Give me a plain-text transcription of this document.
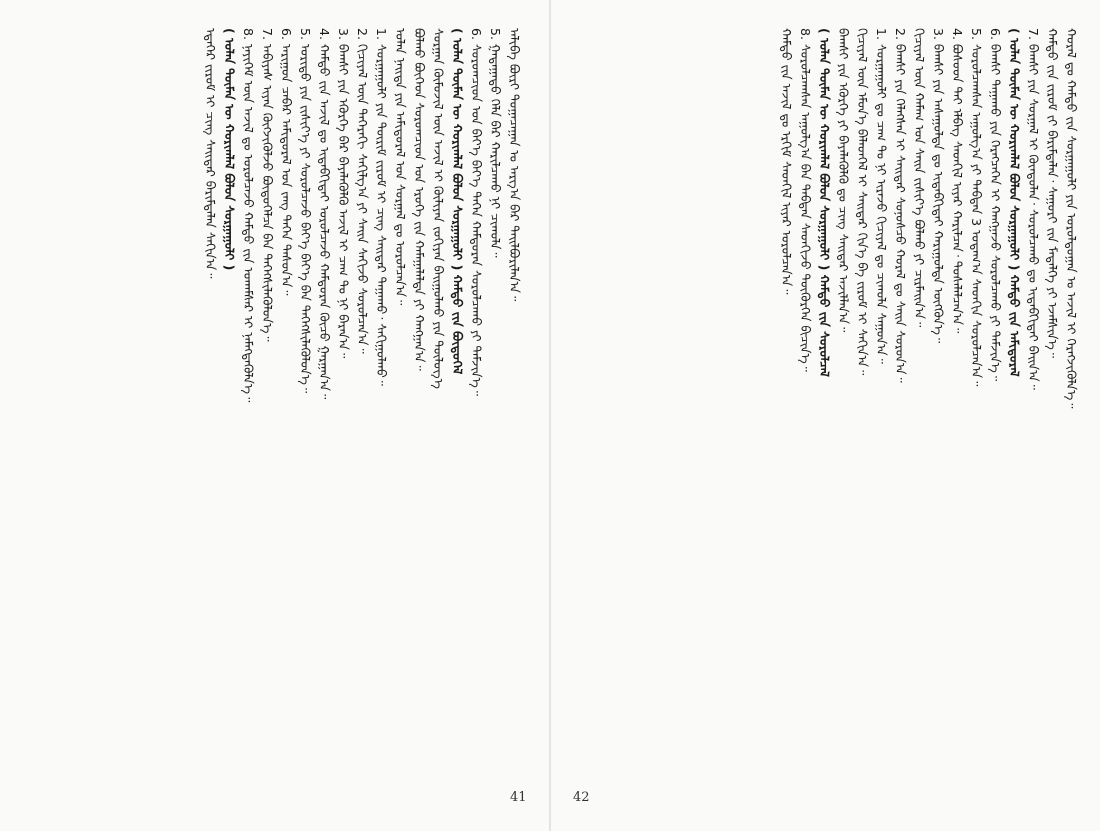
ᠠᠯᠢᠪᠠ ᠪᠦᠷᠢ ᠲᠣᠭᠠᠴᠠᠭᠠᠨ ᠤ ᠠᠷᠭ᠎ᠠ ᠪᠠᠷ ᠲᠠᠢᠯᠪᠤᠷᠢᠯᠠᠨ᠎ᠠ᠃
5. ᠭᠠᠳᠠᠭᠠᠳᠤ ᠬᠡᠯᠡ ᠪᠠᠷ ᠬᠠᠷᠢᠯᠴᠠᠬᠤ ᠨᠢ ᠴᠢᠬᠤᠯᠠ᠃
6. ᠰᠤᠷᠤᠭᠴᠢᠳ ᠤᠨ ᠪᠡᠶ᠎ᠡ ᠪᠡᠶ᠎ᠡ ᠳᠡᠭᠡᠨ ᠬᠠᠮᠲᠤᠷᠠᠨ ᠰᠤᠷᠤᠯᠴᠠᠬᠤ ᠶᠢ ᠳᠡᠮᠵᠢᠨ᠎ᠡ᠃
( ᠤᠯᠠᠨ ᠲᠦᠮᠡᠨ ᠦ ᠬᠣᠷᠢᠭᠯᠠᠯ ᠪᠣᠯᠤᠨ ᠰᠤᠷᠭᠠᠭᠤᠯᠢ ) ᠬᠠᠮᠲᠤ ᠵᠢᠨ ᠪᠦᠲᠦᠭᠡᠯ
ᠰᠤᠷᠭᠠᠨ ᠬᠦᠮᠦᠵᠢᠯ ᠦᠨ ᠠᠵᠢᠯ ᠢ ᠬᠦᠯᠢᠶᠡᠨ ᠵᠣᠬᠢᠶᠠᠨ ᠪᠠᠢᠭᠤᠯᠬᠤ ᠶᠢᠨ ᠲᠥᠯᠥᠭ᠎ᠡ
ᠪᠣᠯᠬᠤ ᠪᠥᠭᠡᠳ ᠰᠤᠷᠤᠭᠴᠢᠳ ᠤᠨ ᠡᠷᠦᠬᠡ ᠵᠢᠨ ᠬᠠᠮᠠᠭᠠᠯᠠᠯᠲᠠ ᠶᠢ ᠬᠠᠩᠭᠠᠨ᠎ᠠ᠃
ᠣᠯᠠᠨ ᠨᠡᠢᠲᠡ ᠶᠢᠨ ᠠᠮᠢᠳᠤᠷᠠᠯ ᠤᠨ ᠰᠤᠷᠭᠠᠯ ᠳᠤ ᠣᠷᠣᠯᠴᠠᠨ᠎ᠠ᠃
1. ᠰᠤᠷᠭᠠᠭᠤᠯᠢ ᠶᠢᠨ ᠳᠦᠷᠢᠮ ᠵᠢᠷᠤᠮ ᠢ ᠴᠢᠩ ᠰᠠᠢᠲᠠᠷ ᠳᠠᠭᠠᠬᠤ᠂ ᠰᠠᠬᠢᠭᠤᠯᠬᠤ᠃
2. ᠬᠢᠴᠢᠶᠡᠯ ᠦᠨ ᠳᠡᠭᠡᠷᠡᠬᠢ ᠰᠠᠬᠢᠯᠭ᠎ᠠ ᠶᠢ ᠰᠠᠢᠨ ᠰᠠᠬᠢᠵᠤ ᠰᠤᠷᠤᠯᠴᠠᠨ᠎ᠠ᠃
3. ᠪᠠᠭᠰᠢ ᠶᠢᠨ ᠡᠭᠦᠷᠭᠡ ᠪᠠᠷ ᠪᠡᠶᠡᠯᠡᠭᠦᠯᠬᠦ ᠠᠵᠢᠯ ᠢ ᠴᠠᠭ ᠲᠤ ᠨᠢ ᠪᠠᠷᠠᠨ᠎ᠠ᠃
4. ᠬᠠᠮᠲᠤ ᠵᠢᠨ ᠠᠵᠢᠯ ᠳᠤ ᠢᠳᠡᠪᠬᠢᠲᠡᠢ ᠣᠷᠣᠯᠴᠠᠵᠤ ᠬᠠᠮᠲᠤᠷᠠᠨ ᠬᠦᠴᠦ ᠭᠠᠷᠭᠠᠨ᠎ᠠ᠃
5. ᠤᠷᠢᠳᠤ ᠶᠢᠨ ᠵᠢᠱᠢᠶ᠎ᠡ ᠶᠢ ᠰᠤᠷᠤᠯᠴᠠᠵᠤ ᠪᠡᠶ᠎ᠡ ᠪᠡᠶ᠎ᠡ ᠪᠡᠨ ᠳᠡᠭᠡᠭᠰᠢᠯᠡᠭᠦᠯᠦᠨ᠎ᠡ᠃
6. ᠠᠷᠢᠭᠤᠨ ᠴᠡᠪᠡᠷ ᠠᠮᠢᠳᠤᠷᠠᠯ ᠤᠨ ᠵᠠᠩ ᠳᠡᠭᠡᠨ ᠳᠠᠰᠤᠨ᠎ᠠ᠃
7. ᠠᠪᠢᠶᠠᠰ ᠢᠶᠠᠨ ᠬᠥᠭᠵᠢᠭᠦᠯᠵᠦ ᠪᠦᠲᠦᠭᠡᠯᠴᠡ ᠪᠡᠨ ᠳᠡᠭᠡᠭᠰᠢᠯᠡᠭᠦᠯᠦᠨ᠎ᠡ᠃
8. ᠨᠡᠶᠢᠭᠡᠮ ᠦᠨ ᠠᠵᠢᠯ ᠳᠤ ᠣᠷᠣᠯᠴᠠᠵᠤ ᠬᠠᠮᠲᠤ ᠵᠢᠨ ᠤᠬᠠᠮᠰᠠᠷ ᠢ ᠨᠡᠮᠡᠭᠳᠡᠭᠦᠯᠨ᠎ᠡ᠃
( ᠤᠯᠠᠨ ᠲᠦᠮᠡᠨ ᠦ ᠬᠣᠷᠢᠭᠯᠠᠯ ᠪᠣᠯᠤᠨ ᠰᠤᠷᠭᠠᠭᠤᠯᠢ )
ᠡᠳᠡᠭᠡᠷ ᠵᠢᠷᠤᠮ ᠢ ᠴᠢᠩ ᠰᠠᠢᠲᠠᠷ ᠪᠠᠷᠢᠮᠲᠠᠯᠠᠨ ᠰᠠᠬᠢᠨ᠎ᠠ᠃
41
ᠬᠤᠷᠠᠯ ᠳᠤ ᠬᠠᠮᠲᠤ ᠵᠢᠨ ᠰᠤᠷᠭᠠᠭᠤᠯᠢ ᠶᠢᠨ ᠤᠷᠤᠯᠳᠤᠭᠠᠨ ᠤ ᠠᠵᠢᠯ ᠢ ᠬᠡᠷᠡᠭᠵᠢᠭᠦᠯᠨ᠎ᠡ᠃
ᠬᠠᠮᠲᠤ ᠵᠢᠨ ᠵᠢᠷᠤᠮ ᠵᠢ ᠪᠠᠷᠢᠮᠲᠠᠯᠠᠨ᠂ ᠰᠠᠭᠤᠷᠢ ᠵᠢᠨ ᠮᠡᠳᠡᠯᠭᠡ ᠶᠢ ᠡᠵᠡᠮᠰᠢᠨ᠎ᠡ᠃
7. ᠪᠠᠭᠰᠢ ᠶᠢᠨ ᠰᠤᠷᠭᠠᠯ ᠢ ᠬᠦᠨᠳᠦᠯᠡᠨ᠂ ᠰᠤᠷᠤᠯᠴᠠᠬᠤ ᠳᠤ ᠢᠳᠡᠪᠬᠢᠲᠡᠢ ᠪᠠᠢᠨ᠎ᠠ᠃
( ᠤᠯᠠᠨ ᠲᠦᠮᠡᠨ ᠦ ᠬᠣᠷᠢᠭᠯᠠᠯ ᠪᠣᠯᠤᠨ ᠰᠤᠷᠭᠠᠭᠤᠯᠢ ) ᠬᠠᠮᠲᠤ ᠵᠢᠨ ᠠᠮᠢᠳᠤᠷᠠᠯ
6. ᠪᠠᠭᠰᠢ ᠳᠠᠭᠠᠬᠤ ᠶᠢᠨ ᠬᠡᠷᠡᠭᠴᠡᠭᠡᠨ ᠢ ᠬᠠᠩᠭᠠᠵᠤ ᠰᠤᠷᠤᠯᠴᠠᠬᠤ ᠶᠢ ᠳᠡᠮᠵᠢᠨ᠎ᠡ᠃
5. ᠰᠤᠷᠤᠯᠴᠠᠭᠰᠠᠨ ᠠᠭᠤᠯᠭ᠎ᠠ ᠶᠢ ᠳᠠᠪᠲᠠᠨ 3 ᠤᠳᠠᠭ᠎ᠠ ᠰᠡᠳᠬᠢᠨ ᠰᠤᠷᠤᠯᠴᠠᠨ᠎ᠠ᠃
4. ᠪᠤᠰᠤᠳ ᠲᠠᠢ ᠡᠯᠪᠡᠭ ᠰᠡᠳᠬᠢᠯ ᠢᠶᠠᠷ ᠬᠠᠷᠢᠯᠴᠠᠨ᠂ ᠲᠤᠰᠠᠯᠠᠯᠴᠠᠨ᠎ᠠ᠃
3. ᠪᠠᠭᠰᠢ ᠶᠢᠨ ᠠᠰᠠᠭᠤᠯᠲᠠ ᠳᠤ ᠢᠳᠡᠪᠬᠢᠲᠡᠢ ᠬᠠᠷᠢᠭᠤᠯᠲᠠ ᠥᠭᠭᠦᠨ᠎ᠡ᠃
ᠬᠢᠴᠢᠶᠡᠯ ᠦᠨ ᠬᠠᠮᠠᠭ ᠤᠨ ᠰᠠᠢᠨ ᠵᠢᠱᠢᠶ᠎ᠡ ᠪᠣᠯᠬᠤ ᠶᠢ ᠴᠢᠷᠮᠠᠢᠨ᠎ᠠ᠃
2. ᠪᠠᠭᠰᠢ ᠶᠢᠨ ᠬᠡᠯᠡᠭᠰᠡᠨ ᠢ ᠰᠠᠢᠲᠠᠷ ᠰᠣᠨᠤᠰᠴᠤ ᠬᠤᠷᠠᠯ ᠳᠤ ᠰᠠᠢᠨ ᠰᠤᠷᠤᠨ᠎ᠠ᠃
1. ᠰᠤᠷᠭᠠᠭᠤᠯᠢ ᠳᠤ ᠴᠠᠭ ᠲᠤ ᠨᠢ ᠢᠷᠡᠵᠦ ᠬᠢᠴᠢᠶᠡᠯ ᠳᠤ ᠴᠢᠬᠤᠯᠠ ᠰᠠᠭᠤᠨ᠎ᠠ᠃
ᠬᠢᠴᠢᠶᠡᠯ ᠦᠨ ᠡᠮᠦᠨ᠎ᠡ ᠪᠡᠯᠡᠳᠬᠡᠯ ᠢ ᠰᠠᠢᠲᠠᠷ ᠬᠢᠨ᠎ᠡ ᠪᠠ ᠵᠢᠷᠤᠮ ᠢ ᠰᠠᠬᠢᠨ᠎ᠠ᠃
ᠪᠠᠭᠰᠢ ᠶᠢᠨ ᠡᠭᠦᠷᠭᠡ ᠶᠢ ᠪᠡᠶᠡᠯᠡᠭᠦᠯᠬᠦ ᠳᠤ ᠴᠢᠩ ᠰᠠᠢᠲᠠᠷ ᠠᠵᠢᠯᠯᠠᠨ᠎ᠠ᠃
( ᠤᠯᠠᠨ ᠲᠦᠮᠡᠨ ᠦ ᠬᠣᠷᠢᠭᠯᠠᠯ ᠪᠣᠯᠤᠨ ᠰᠤᠷᠭᠠᠭᠤᠯᠢ ) ᠬᠠᠮᠲᠤ ᠵᠢᠨ ᠰᠤᠷᠤᠯᠴᠠᠯ
8. ᠰᠤᠷᠤᠯᠴᠠᠭᠰᠠᠨ ᠠᠭᠤᠯᠭ᠎ᠠ ᠪᠠᠨ ᠳᠠᠪᠲᠠᠨ ᠰᠡᠳᠬᠢᠵᠦ ᠳᠦᠭᠦᠷᠭᠡᠨ ᠪᠢᠴᠢᠨ᠎ᠡ᠃
ᠬᠠᠮᠲᠤ ᠵᠢᠨ ᠠᠵᠢᠯ ᠳᠤ ᠡᠷᠬᠢᠮ ᠰᠡᠳᠬᠢᠯ ᠢᠶᠠᠷ ᠣᠷᠣᠯᠴᠠᠨ᠎ᠠ᠃
42
